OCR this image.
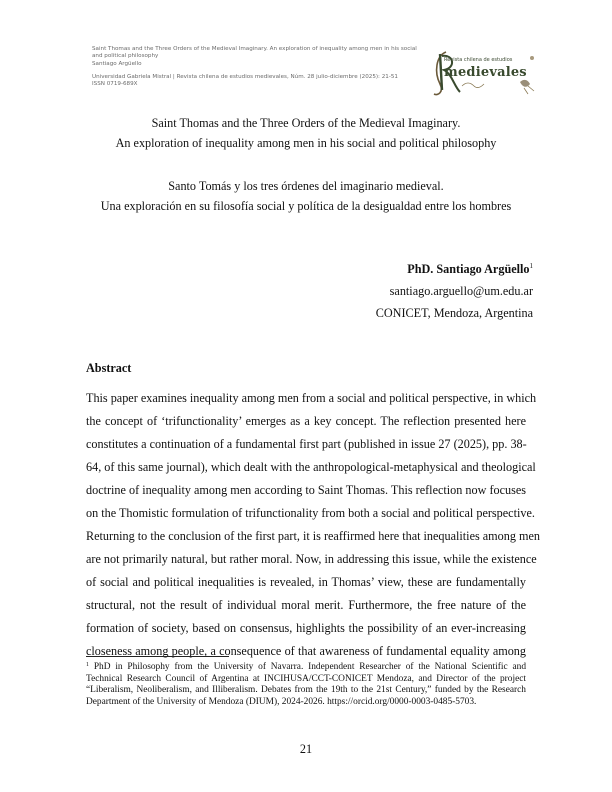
Saint Thomas and the Three Orders of the Medieval Imaginary. An exploration of inequality among men in his social
and political philosophy
Santiago Argüello
Universidad Gabriela Mistral | Revista chilena de estudios medievales, Núm. 28 julio-diciembre (2025): 21-51
ISSN 0719-689X
Revista chilena de estudios
medievales
Saint Thomas and the Three Orders of the Medieval Imaginary.
An exploration of inequality among men in his social and political philosophy
Santo Tomás y los tres órdenes del imaginario medieval.
Una exploración en su filosofía social y política de la desigualdad entre los hombres
PhD. Santiago Argüello$^1$
santiago.arguello@um.edu.ar
CONICET, Mendoza, Argentina
Abstract
This paper examines inequality among men from a social and political perspective, in which
the concept of ‘trifunctionality’ emerges as a key concept. The reflection presented here
constitutes a continuation of a fundamental first part (published in issue 27 (2025), pp. 38-
64, of this same journal), which dealt with the anthropological-metaphysical and theological
doctrine of inequality among men according to Saint Thomas. This reflection now focuses
on the Thomistic formulation of trifunctionality from both a social and political perspective.
Returning to the conclusion of the first part, it is reaffirmed here that inequalities among men
are not primarily natural, but rather moral. Now, in addressing this issue, while the existence
of social and political inequalities is revealed, in Thomas’ view, these are fundamentally
structural, not the result of individual moral merit. Furthermore, the free nature of the
formation of society, based on consensus, highlights the possibility of an ever-increasing
closeness among people, a consequence of that awareness of fundamental equality among
$^1$ PhD in Philosophy from the University of Navarra. Independent Researcher of the National Scientific and Technical Research Council of Argentina at INCIHUSA/CCT-CONICET Mendoza, and Director of the project “Liberalism, Neoliberalism, and Illiberalism. Debates from the 19th to the 21st Century,” funded by the Research Department of the University of Mendoza (DIUM), 2024-2026. https://orcid.org/0000-0003-0485-5703.
21
